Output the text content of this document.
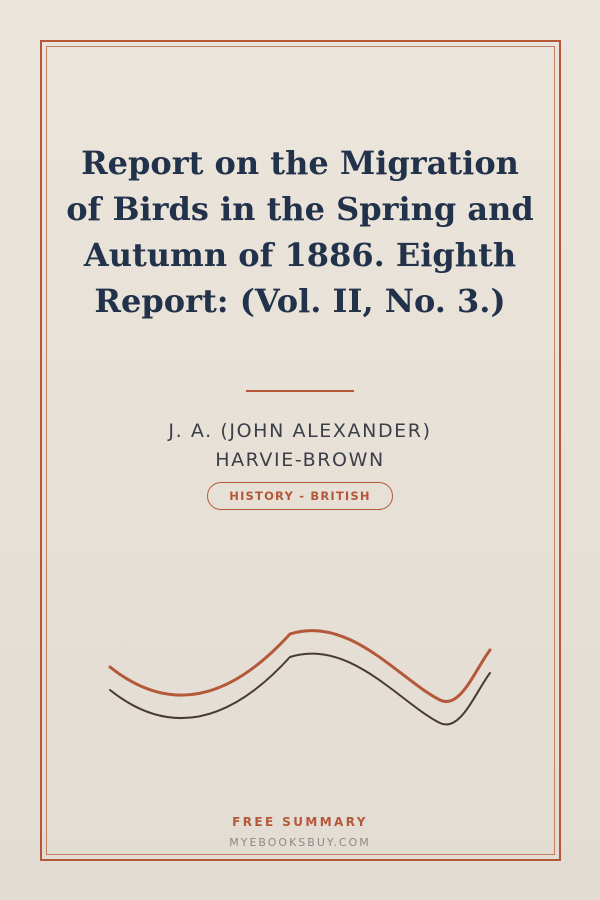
Report on the Migration of Birds in the Spring and Autumn of 1886. Eighth Report: (Vol. II, No. 3.)
J. A. (JOHN ALEXANDER)
HARVIE-BROWN
HISTORY - BRITISH
FREE SUMMARY
MYEBOOKSBUY.COM
